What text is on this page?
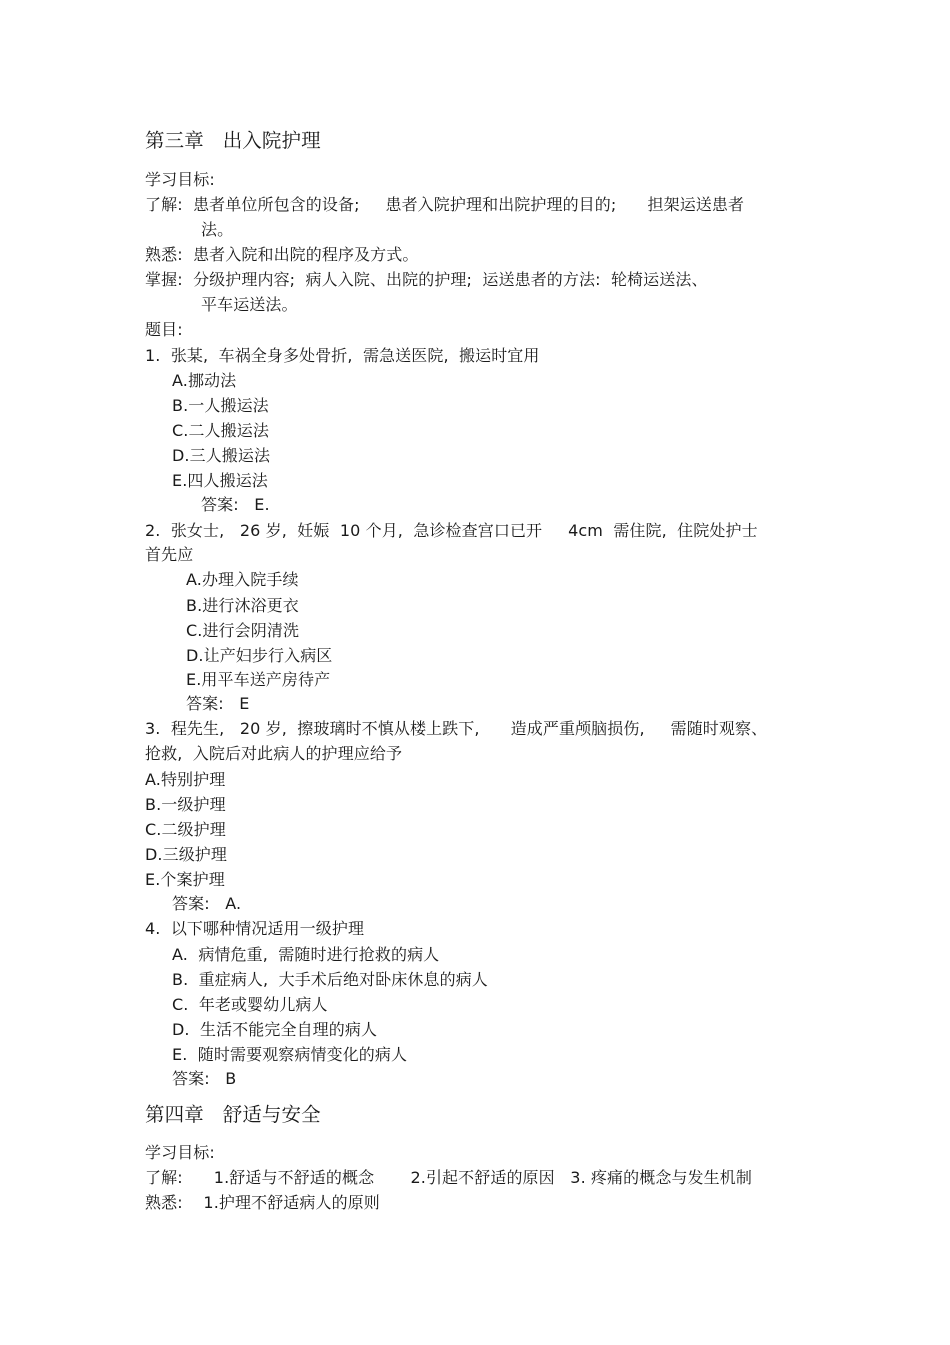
第三章   出入院护理
学习目标:
了解:  患者单位所包含的设备;     患者入院护理和出院护理的目的;      担架运送患者
法。
熟悉:  患者入院和出院的程序及方式。
掌握:  分级护理内容;  病人入院、出院的护理;  运送患者的方法:  轮椅运送法、
平车运送法。
题目:
1.  张某,  车祸全身多处骨折,  需急送医院,  搬运时宜用
A.挪动法
B.一人搬运法
C.二人搬运法
D.三人搬运法
E.四人搬运法
答案:   E.
2.  张女士,   26 岁,  妊娠  10 个月,  急诊检查宫口已开     4cm  需住院,  住院处护士
首先应
A.办理入院手续
B.进行沐浴更衣
C.进行会阴清洗
D.让产妇步行入病区
E.用平车送产房待产
答案:   E
3.  程先生,   20 岁,  擦玻璃时不慎从楼上跌下,      造成严重颅脑损伤,     需随时观察、
抢救,  入院后对此病人的护理应给予
A.特别护理
B.一级护理
C.二级护理
D.三级护理
E.个案护理
答案:   A.
4.  以下哪种情况适用一级护理
A.  病情危重,  需随时进行抢救的病人
B.  重症病人,  大手术后绝对卧床休息的病人
C.  年老或婴幼儿病人
D.  生活不能完全自理的病人
E.  随时需要观察病情变化的病人
答案:   B
第四章   舒适与安全
学习目标:
了解:      1.舒适与不舒适的概念       2.引起不舒适的原因   3. 疼痛的概念与发生机制
熟悉:    1.护理不舒适病人的原则
